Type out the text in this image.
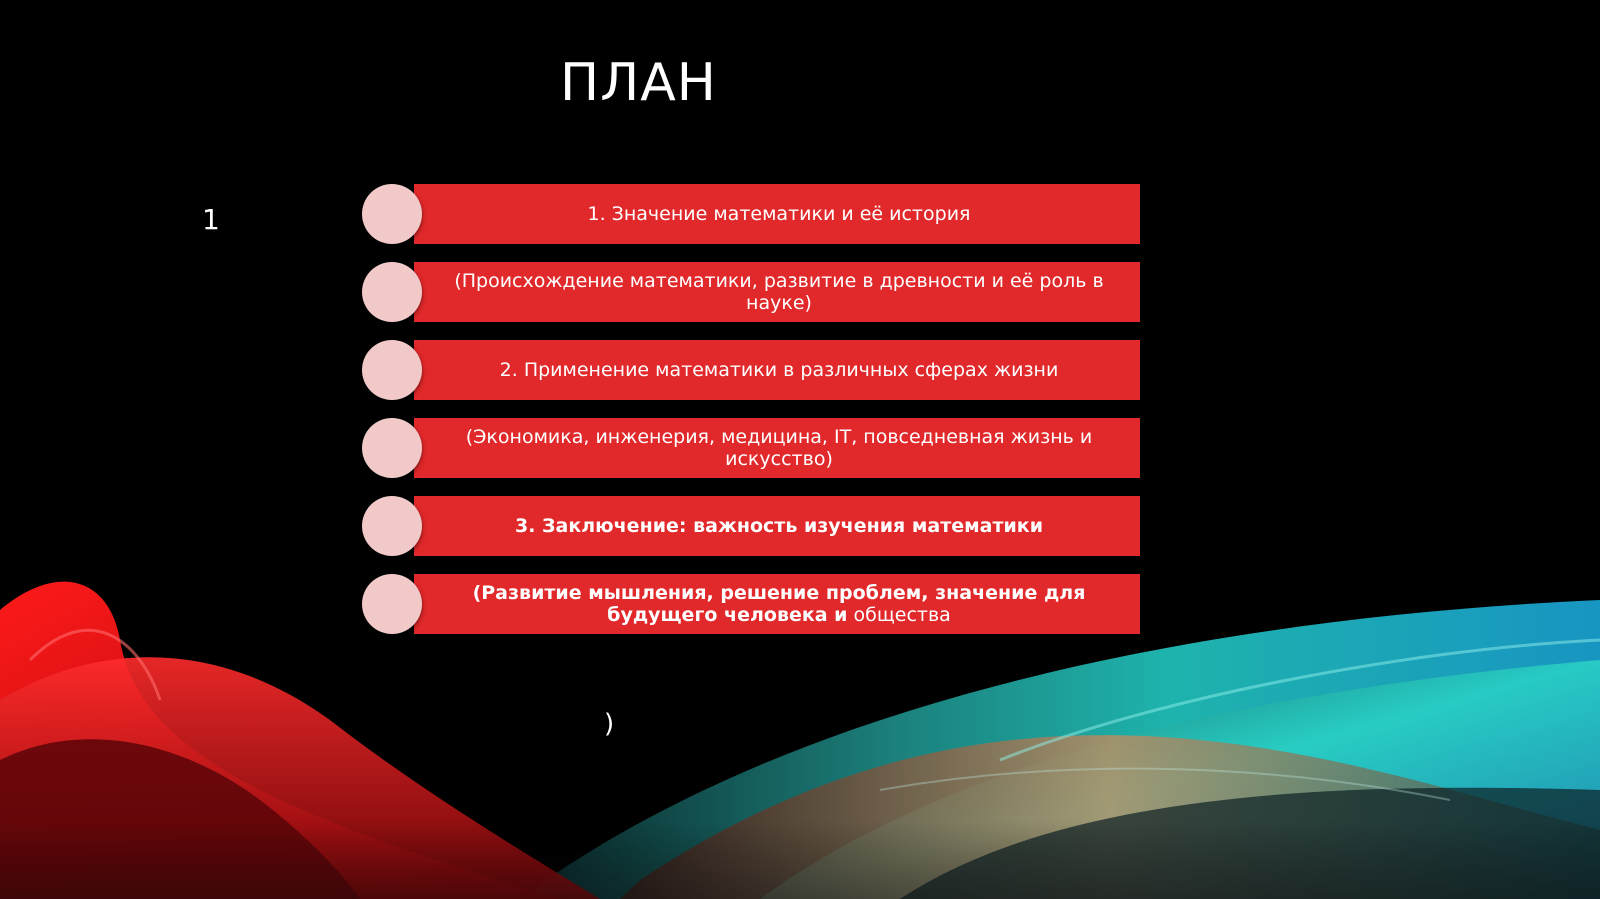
ПЛАН
1	1. Значение математики и её история
(Происхождение математики, развитие в древности и её роль в науке)
2. Применение математики в различных сферах жизни
(Экономика, инженерия, медицина, IT, повседневная жизнь и искусство)
3. Заключение: важность изучения математики
(Развитие мышления, решение проблем, значение для будущего человека и общества
)
